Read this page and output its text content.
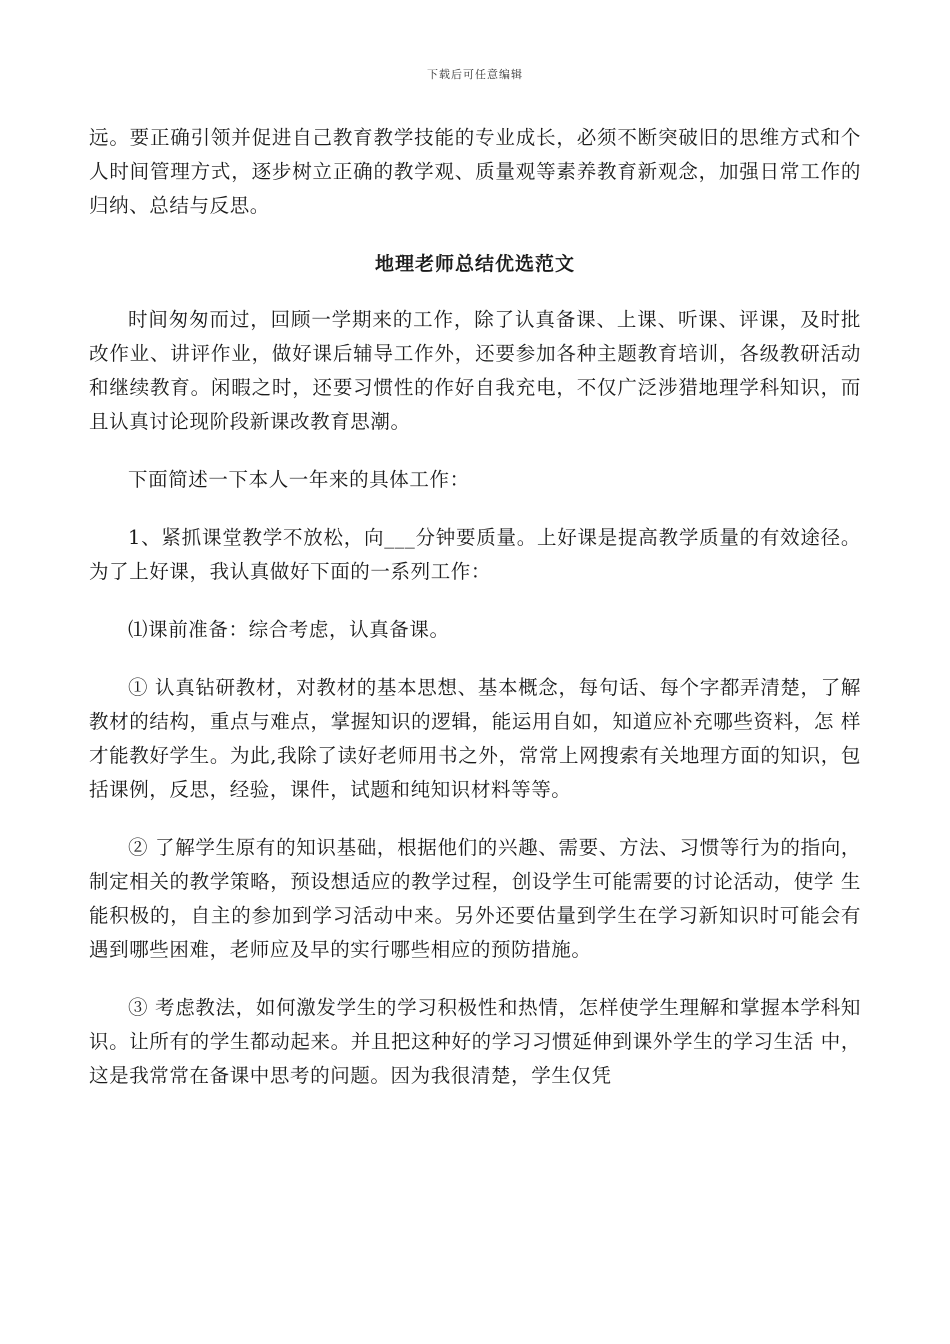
下载后可任意编辑

远。要正确引领并促进自己教育教学技能的专业成长，必须不断突破旧的思维方式和个人时间管理方式，逐步树立正确的教学观、质量观等素养教育新观念，加强日常工作的归纳、总结与反思。

地理老师总结优选范文

时间匆匆而过，回顾一学期来的工作，除了认真备课、上课、听课、评课，及时批改作业、讲评作业，做好课后辅导工作外，还要参加各种主题教育培训，各级教研活动和继续教育。闲暇之时，还要习惯性的作好自我充电，不仅广泛涉猎地理学科知识，而且认真讨论现阶段新课改教育思潮。

下面简述一下本人一年来的具体工作：

1、紧抓课堂教学不放松，向___分钟要质量。上好课是提高教学质量的有效途径。为了上好课，我认真做好下面的一系列工作：

⑴课前准备：综合考虑，认真备课。

① 认真钻研教材，对教材的基本思想、基本概念，每句话、每个字都弄清楚，了解教材的结构，重点与难点，掌握知识的逻辑，能运用自如，知道应补充哪些资料，怎 样才能教好学生。为此,我除了读好老师用书之外，常常上网搜索有关地理方面的知识，包括课例，反思，经验，课件，试题和纯知识材料等等。

② 了解学生原有的知识基础，根据他们的兴趣、需要、方法、习惯等行为的指向，制定相关的教学策略，预设想适应的教学过程，创设学生可能需要的讨论活动，使学 生能积极的，自主的参加到学习活动中来。另外还要估量到学生在学习新知识时可能会有遇到哪些困难，老师应及早的实行哪些相应的预防措施。

③ 考虑教法，如何激发学生的学习积极性和热情，怎样使学生理解和掌握本学科知识。让所有的学生都动起来。并且把这种好的学习习惯延伸到课外学生的学习生活 中，这是我常常在备课中思考的问题。因为我很清楚，学生仅凭
